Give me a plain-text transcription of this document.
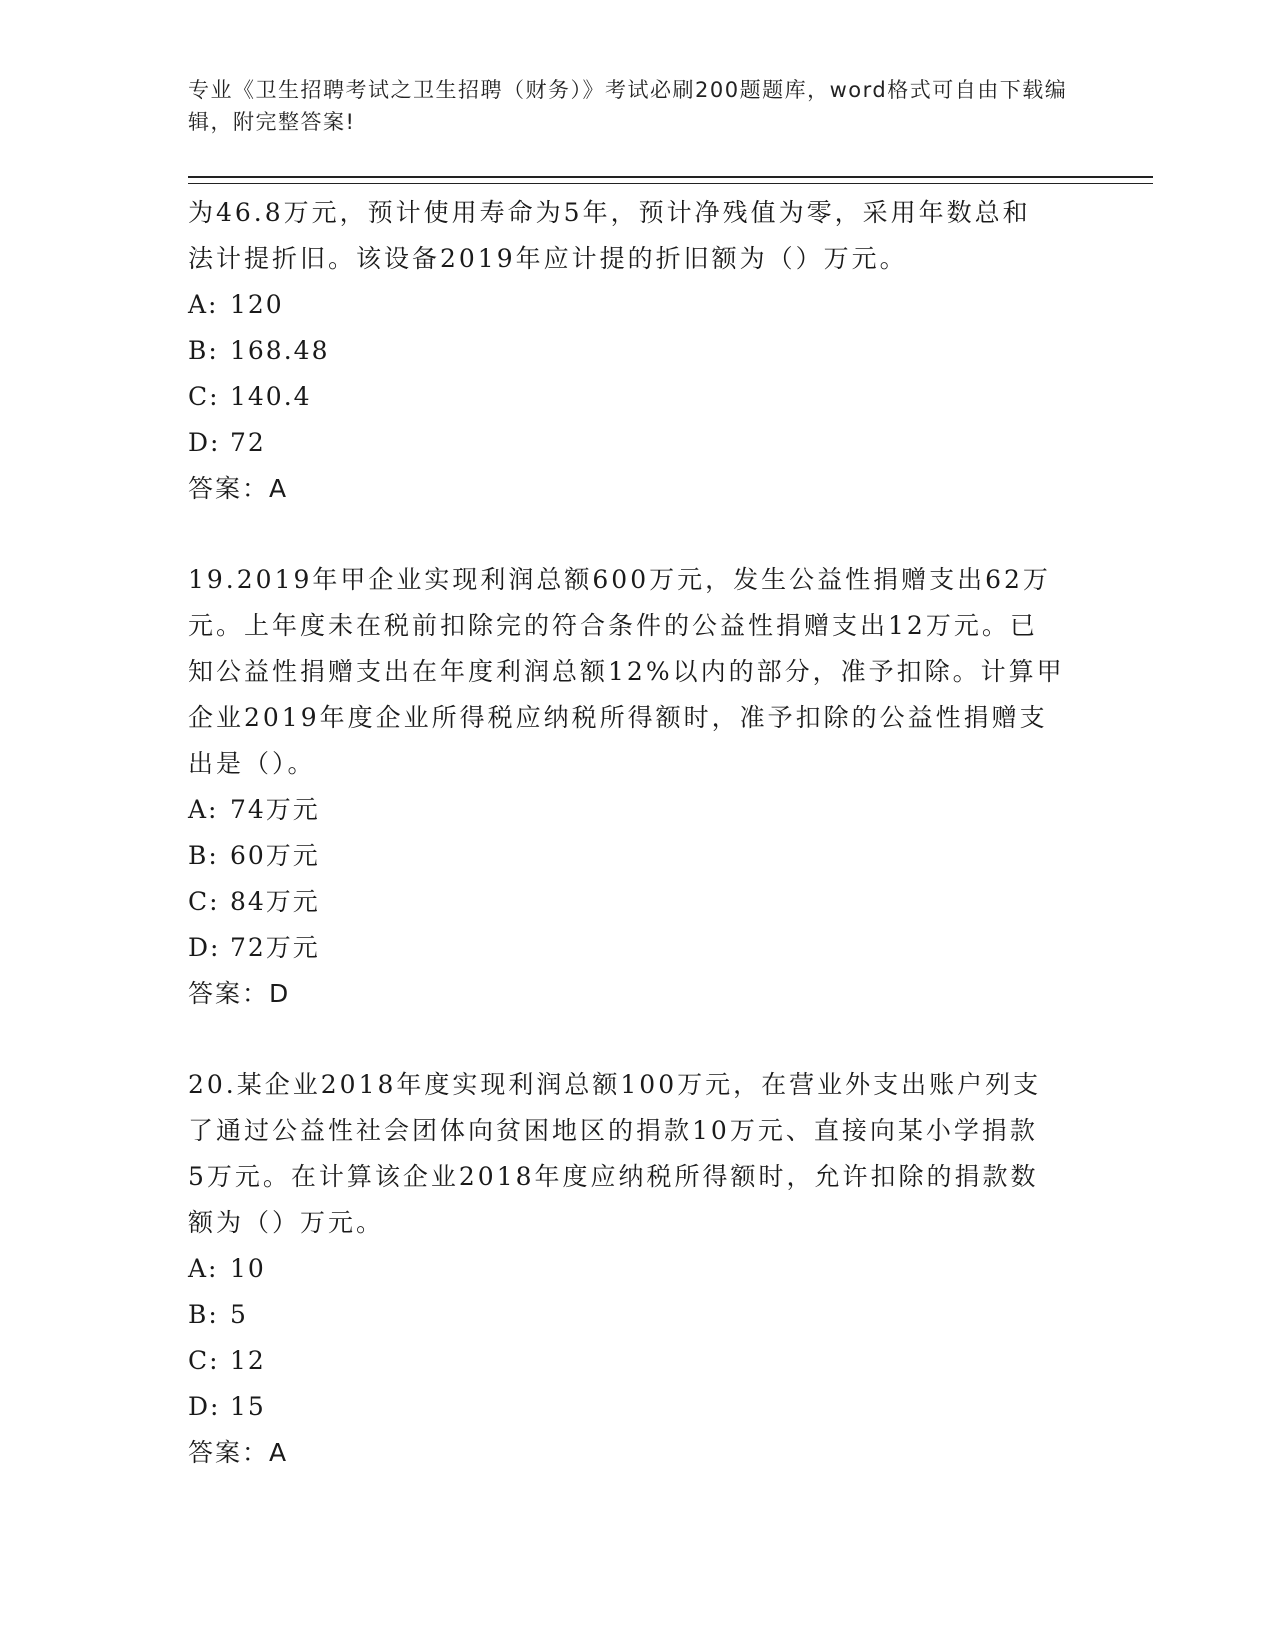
专业《卫生招聘考试之卫生招聘（财务）》考试必刷200题题库，word格式可自由下载编辑，附完整答案!

为46.8万元，预计使用寿命为5年，预计净残值为零，采用年数总和
法计提折旧。该设备2019年应计提的折旧额为（）万元。

A: 120
B: 168.48
C: 140.4
D: 72
答案：A

19.2019年甲企业实现利润总额600万元，发生公益性捐赠支出62万
元。上年度未在税前扣除完的符合条件的公益性捐赠支出12万元。已
知公益性捐赠支出在年度利润总额12%以内的部分，准予扣除。计算甲
企业2019年度企业所得税应纳税所得额时，准予扣除的公益性捐赠支
出是（）。

A: 74万元
B: 60万元
C: 84万元
D: 72万元
答案：D

20.某企业2018年度实现利润总额100万元，在营业外支出账户列支
了通过公益性社会团体向贫困地区的捐款10万元、直接向某小学捐款
5万元。在计算该企业2018年度应纳税所得额时，允许扣除的捐款数
额为（）万元。

A: 10
B: 5
C: 12
D: 15
答案：A
